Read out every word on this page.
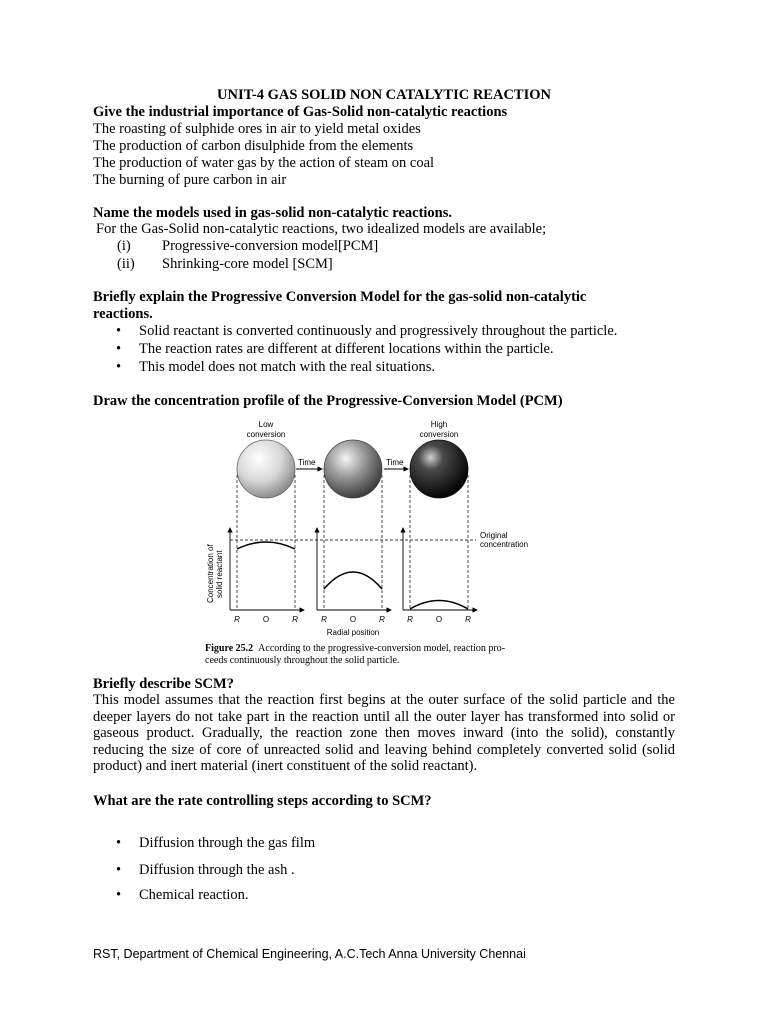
UNIT-4 GAS SOLID NON CATALYTIC REACTION
Give the industrial importance of Gas-Solid non-catalytic reactions
The roasting of sulphide ores in air to yield metal oxides
The production of carbon disulphide from the elements
The production of water gas by the action of steam on coal
The burning of pure carbon in air
Name the models used in gas-solid non-catalytic reactions.
For the Gas-Solid non-catalytic reactions, two idealized models are available;
(i) Progressive-conversion model[PCM]
(ii) Shrinking-core model [SCM]
Briefly explain the Progressive Conversion Model for the gas-solid non-catalytic
reactions.
• Solid reactant is converted continuously and progressively throughout the particle.
• The reaction rates are different at different locations within the particle.
• This model does not match with the real situations.
Draw the concentration profile of the Progressive-Conversion Model (PCM)
Low
conversion
High
conversion
Time	Time
Original
concentration
Concentration of solid reactant
R	O	R	R	O	R	R	O	R
Radial position
Figure 25.2 According to the progressive-conversion model, reaction pro-
ceeds continuously throughout the solid particle.
Briefly describe SCM?
This model assumes that the reaction first begins at the outer surface of the solid particle and the deeper layers do not take part in the reaction until all the outer layer has transformed into solid or gaseous product. Gradually, the reaction zone then moves inward (into the solid), constantly reducing the size of core of unreacted solid and leaving behind completely converted solid (solid product) and inert material (inert constituent of the solid reactant).
What are the rate controlling steps according to SCM?
• Diffusion through the gas film
• Diffusion through the ash .
• Chemical reaction.
RST, Department of Chemical Engineering, A.C.Tech Anna University Chennai
